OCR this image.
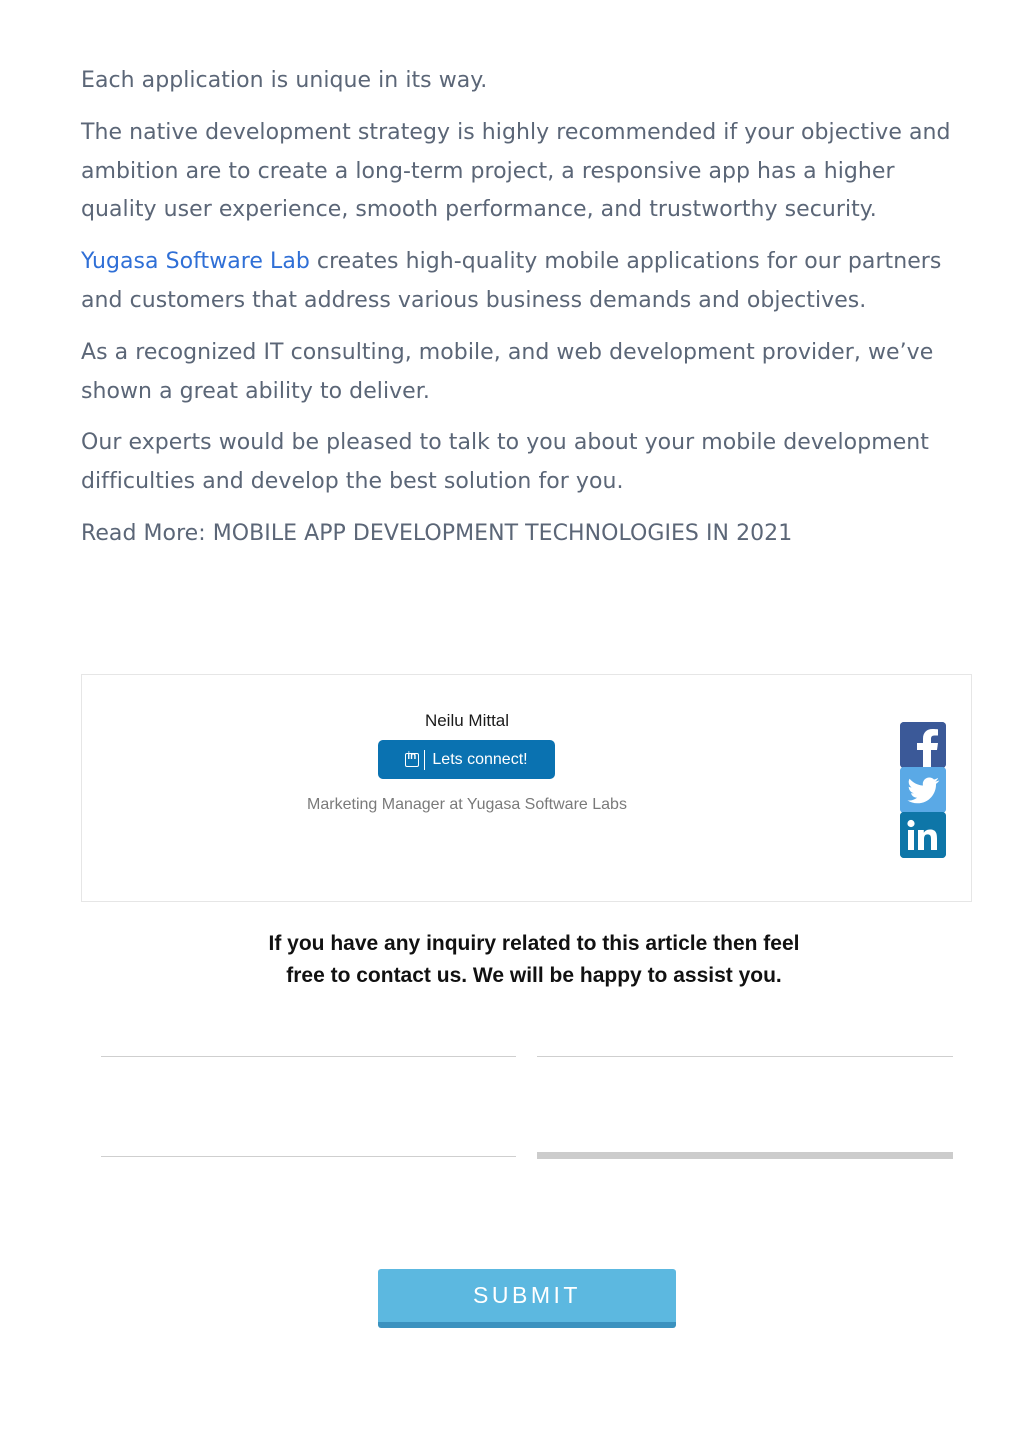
Each application is unique in its way.

The native development strategy is highly recommended if your objective and ambition are to create a long-term project, a responsive app has a higher quality user experience, smooth performance, and trustworthy security.

Yugasa Software Lab creates high-quality mobile applications for our partners and customers that address various business demands and objectives.

As a recognized IT consulting, mobile, and web development provider, we’ve shown a great ability to deliver.

Our experts would be pleased to talk to you about your mobile development difficulties and develop the best solution for you.

Read More: MOBILE APP DEVELOPMENT TECHNOLOGIES IN 2021

Neilu Mittal
in
Lets connect!
Marketing Manager at Yugasa Software Labs
If you have any inquiry related to this article then feel
free to contact us. We will be happy to assist you.
SUBMIT
